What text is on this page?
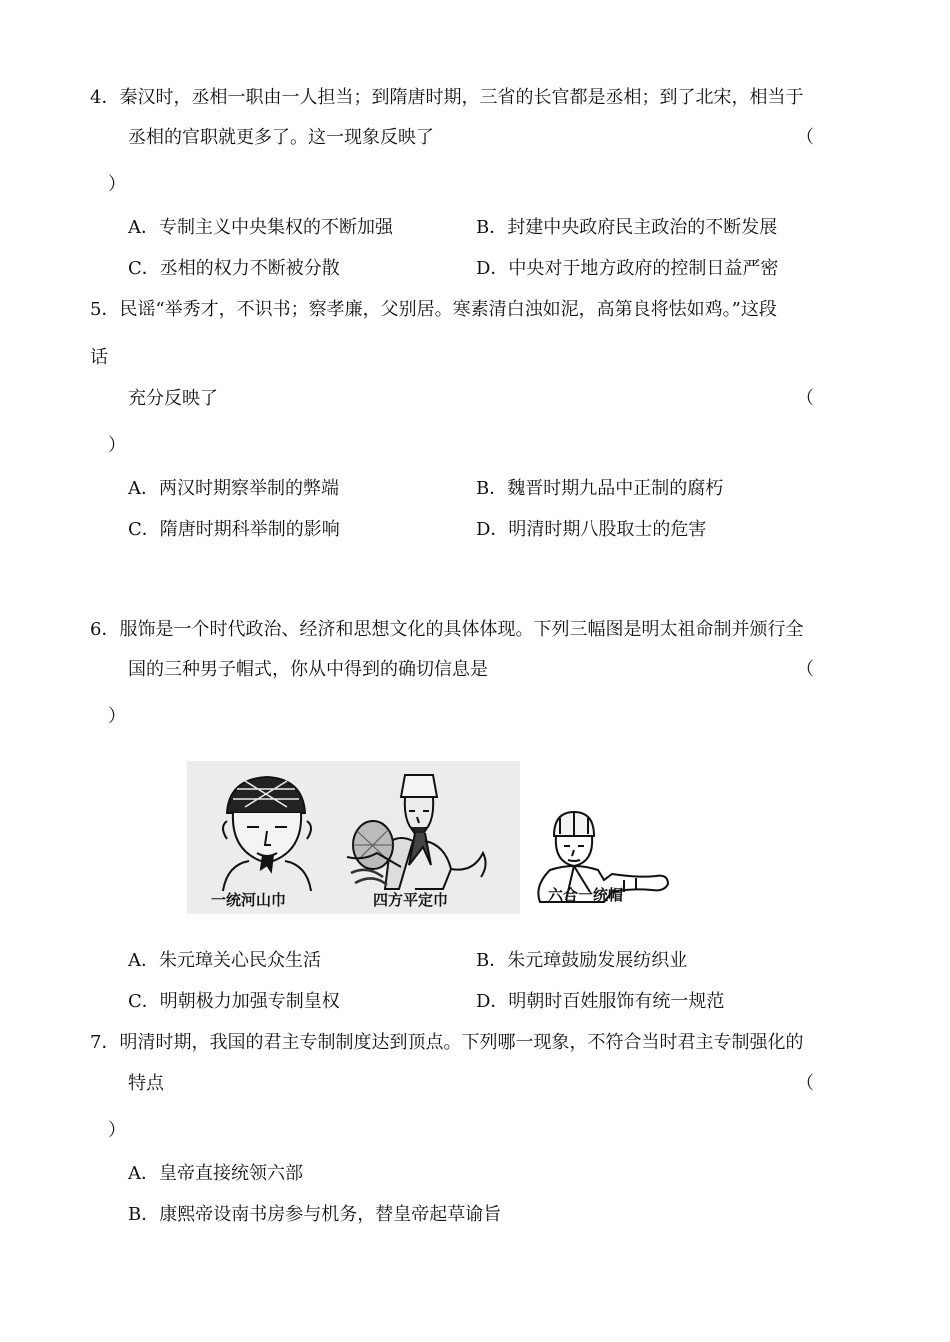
4．秦汉时，丞相一职由一人担当；到隋唐时期，三省的长官都是丞相；到了北宋，相当于
丞相的官职就更多了。这一现象反映了	（
）
A．专制主义中央集权的不断加强	B．封建中央政府民主政治的不断发展
C．丞相的权力不断被分散	D．中央对于地方政府的控制日益严密
5．民谣“举秀才，不识书；察孝廉，父别居。寒素清白浊如泥，高第良将怯如鸡。”这段
话
充分反映了	（
）
A．两汉时期察举制的弊端	B．魏晋时期九品中正制的腐朽
C．隋唐时期科举制的影响	D．明清时期八股取士的危害
6．服饰是一个时代政治、经济和思想文化的具体体现。下列三幅图是明太祖命制并颁行全
国的三种男子帽式，你从中得到的确切信息是	（
）
一统河山巾	四方平定巾	六合一统帽
A．朱元璋关心民众生活	B．朱元璋鼓励发展纺织业
C．明朝极力加强专制皇权	D．明朝时百姓服饰有统一规范
7．明清时期，我国的君主专制制度达到顶点。下列哪一现象，不符合当时君主专制强化的
特点	（
）
A．皇帝直接统领六部
B．康熙帝设南书房参与机务，替皇帝起草谕旨
